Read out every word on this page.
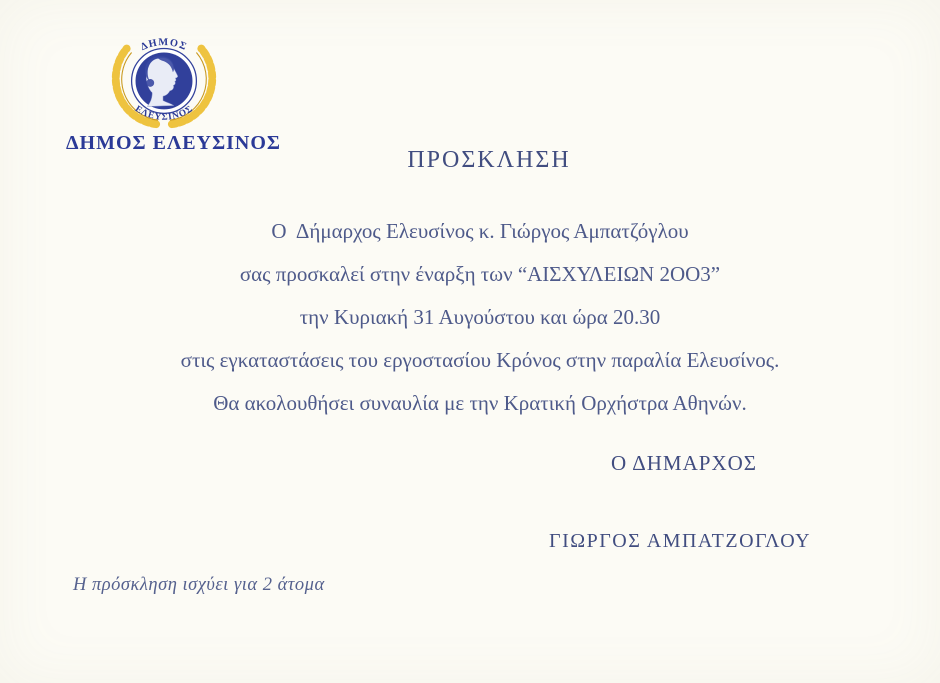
ΔΗΜΟΣ
ΕΛΕΥΣΙΝΟΣ
ΔΗΜΟΣ ΕΛΕΥΣΙΝΟΣ
ΠΡΟΣΚΛΗΣΗ
Ο  Δήμαρχος Ελευσίνος κ. Γιώργος Αμπατζόγλου
σας προσκαλεί στην έναρξη των “ΑΙΣΧΥΛΕΙΩΝ 2OO3”
την Κυριακή 31 Αυγούστου και ώρα 20.30
στις εγκαταστάσεις του εργοστασίου Κρόνος στην παραλία Ελευσίνος.
Θα ακολουθήσει συναυλία με την Κρατική Ορχήστρα Αθηνών.
Ο ΔΗΜΑΡΧΟΣ
ΓΙΩΡΓΟΣ ΑΜΠΑΤΖΟΓΛΟΥ
Η πρόσκληση ισχύει για 2 άτομα
